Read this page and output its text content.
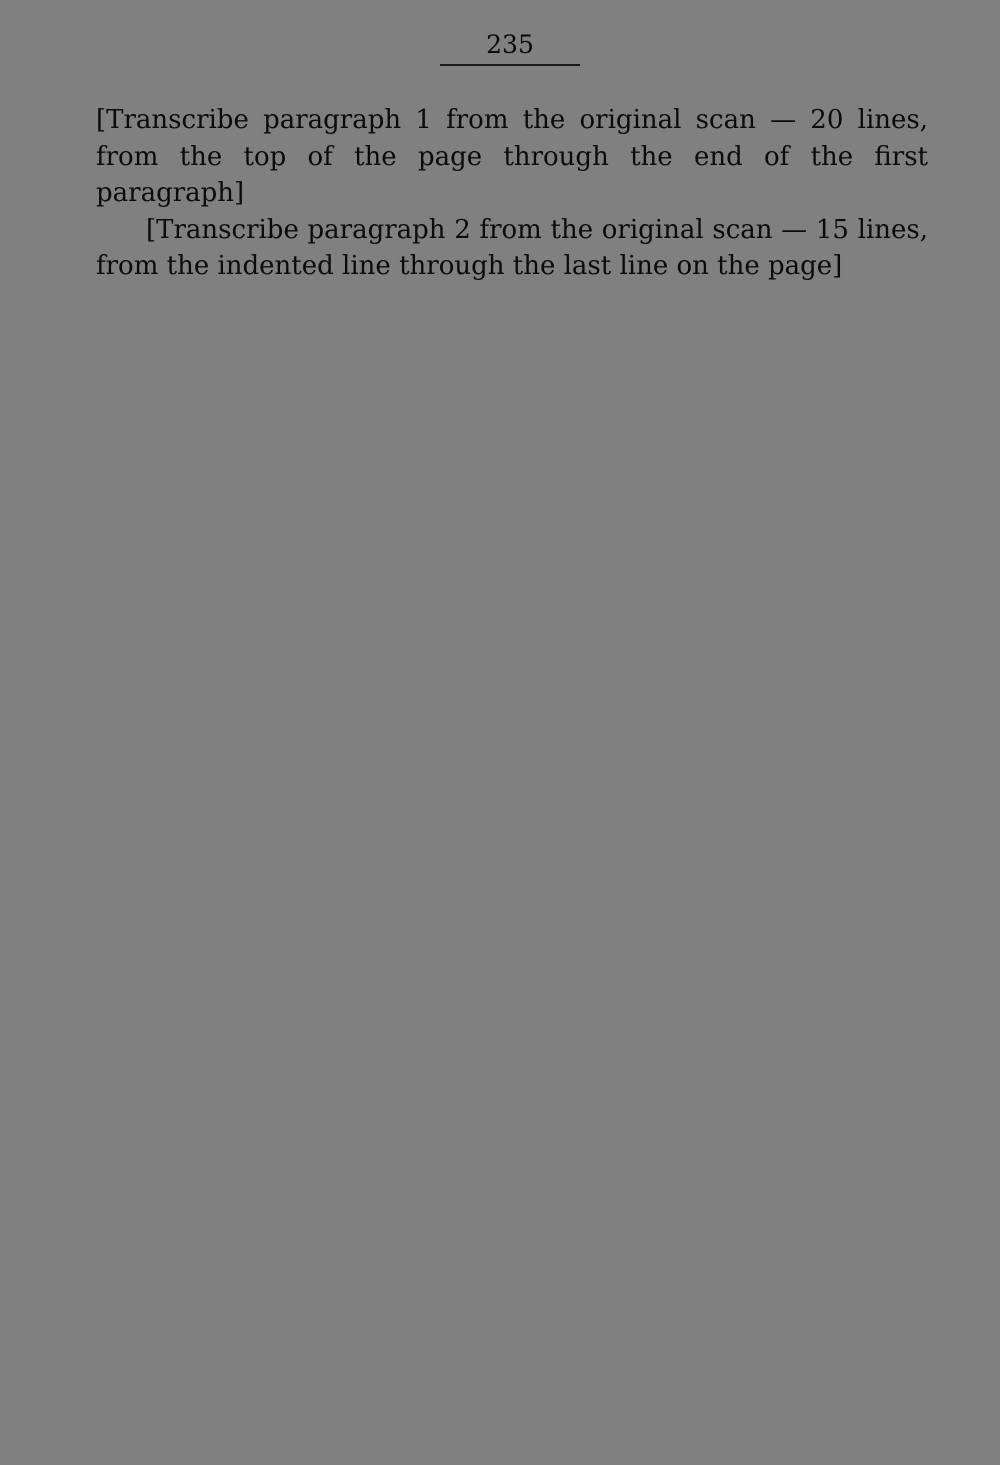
235

[Transcribe paragraph 1 from the original scan — 20 lines, from the top of the page through the end of the first paragraph]

[Transcribe paragraph 2 from the original scan — 15 lines, from the indented line through the last line on the page]
